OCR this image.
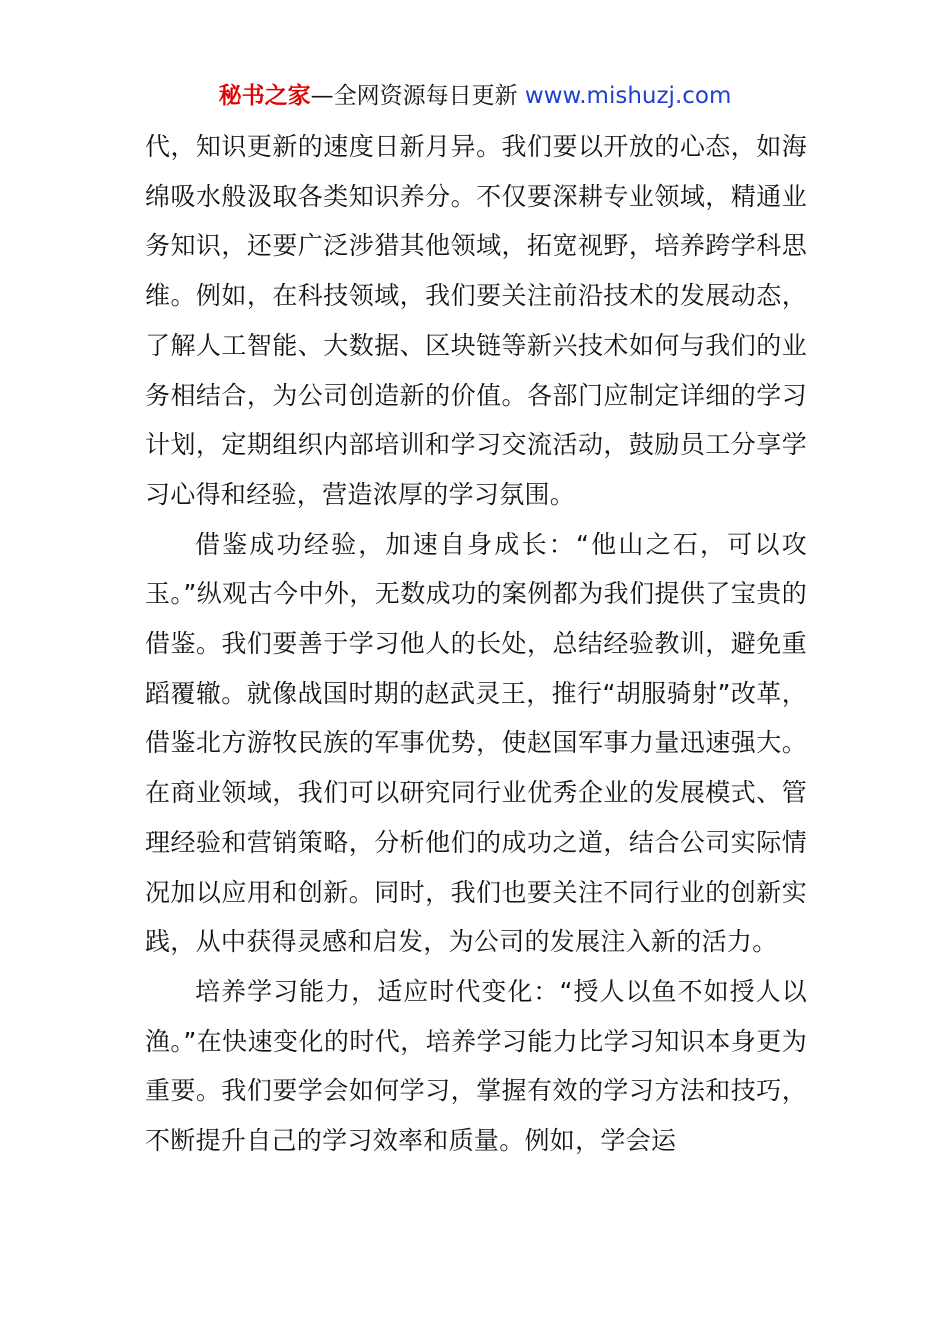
秘书之家—全网资源每日更新 www.mishuzj.com

代，知识更新的速度日新月异。我们要以开放的心态，如海绵吸水般汲取各类知识养分。不仅要深耕专业领域，精通业务知识，还要广泛涉猎其他领域，拓宽视野，培养跨学科思维。例如，在科技领域，我们要关注前沿技术的发展动态，了解人工智能、大数据、区块链等新兴技术如何与我们的业务相结合，为公司创造新的价值。各部门应制定详细的学习计划，定期组织内部培训和学习交流活动，鼓励员工分享学习心得和经验，营造浓厚的学习氛围。

借鉴成功经验，加速自身成长：“他山之石，可以攻玉。”纵观古今中外，无数成功的案例都为我们提供了宝贵的借鉴。我们要善于学习他人的长处，总结经验教训，避免重蹈覆辙。就像战国时期的赵武灵王，推行“胡服骑射”改革，借鉴北方游牧民族的军事优势，使赵国军事力量迅速强大。在商业领域，我们可以研究同行业优秀企业的发展模式、管理经验和营销策略，分析他们的成功之道，结合公司实际情况加以应用和创新。同时，我们也要关注不同行业的创新实践，从中获得灵感和启发，为公司的发展注入新的活力。

培养学习能力，适应时代变化：“授人以鱼不如授人以渔。”在快速变化的时代，培养学习能力比学习知识本身更为重要。我们要学会如何学习，掌握有效的学习方法和技巧，不断提升自己的学习效率和质量。例如，学会运
